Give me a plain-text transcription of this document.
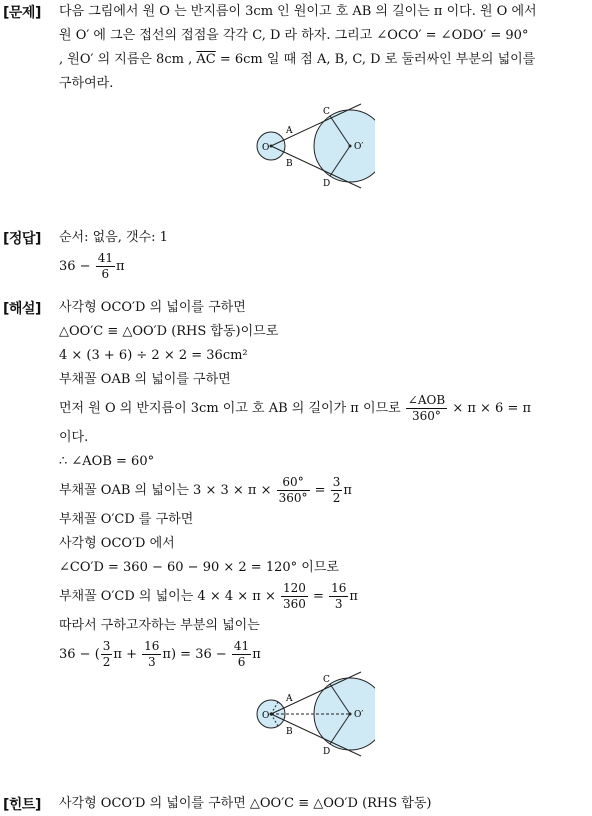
[문제] 다음 그림에서 원 O 는 반지름이 3cm 인 원이고 호 AB 의 길이는 π 이다. 원 O 에서
원 O′ 에 그은 접선의 접점을 각각 C, D 라 하자. 그리고 ∠OCO′ = ∠ODO′ = 90°
, 원O′ 의 지름은 8cm , $\overline{AC} = 6cm$ 일 때 점 A, B, C, D 로 둘러싸인 부분의 넓이를
구하여라.
O	O′
A
B
C
D
[정답] 순서: 없음, 갯수: 1
$36 - \frac{41}{6}$ π
[해설] 사각형 OCO′D 의 넓이를 구하면
△OO′C ≡ △OO′D (RHS 합동)이므로
4 × (3 + 6) ÷ 2 × 2 = 36cm²
부채꼴 OAB 의 넓이를 구하면
먼저 원 O 의 반지름이 3cm 이고 호 AB 의 길이가 π 이므로 $\frac{\text{∠AOB}}{360^\circ} \times \pi \times 6 = \pi$
이다.
∴ ∠AOB = 60°
부채꼴 OAB 의 넓이는 $3 \times 3 \times \pi \times \frac{60^\circ}{360^\circ} = \frac{3}{2}$ π
부채꼴 O′CD 를 구하면
사각형 OCO′D 에서
∠CO′D = 360 − 60 − 90 × 2 = 120° 이므로
부채꼴 O′CD 의 넓이는 $4 \times 4 \times \pi \times \frac{120}{360} = \frac{16}{3}$ π
따라서 구하고자하는 부분의 넓이는
36 − ( $\frac{3}{2}$ $\pi + \frac{16}{3} \pi) = 36 - \frac{41}{6}$ π
O	O′
A
B
C
D
[힌트] 사각형 OCO′D 의 넓이를 구하면 △OO′C ≡ △OO′D (RHS 합동)
